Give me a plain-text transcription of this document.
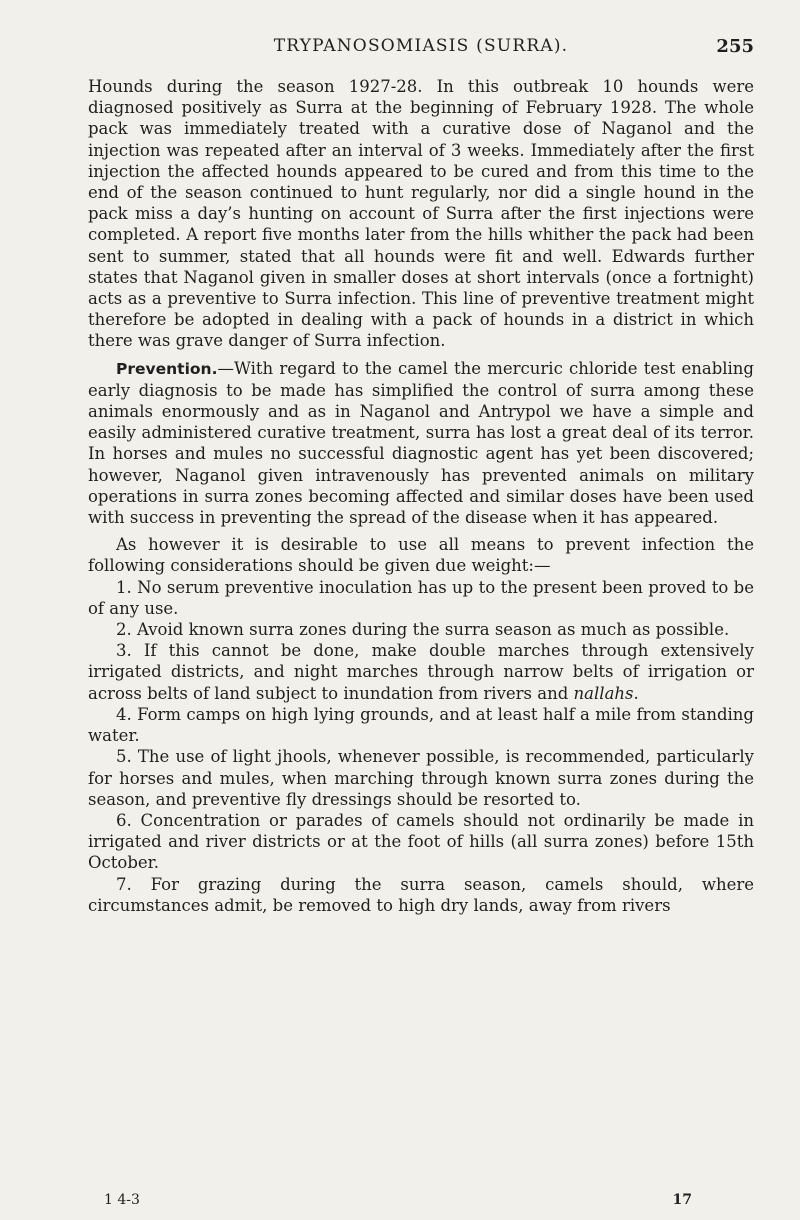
TRYPANOSOMIASIS (SURRA).	255

Hounds during the season 1927-28. In this outbreak 10 hounds were diagnosed positively as Surra at the beginning of February 1928. The whole pack was immediately treated with a curative dose of Naganol and the injection was repeated after an interval of 3 weeks. Immediately after the first injection the affected hounds appeared to be cured and from this time to the end of the season continued to hunt regularly, nor did a single hound in the pack miss a day’s hunting on account of Surra after the first injections were completed. A report five months later from the hills whither the pack had been sent to summer, stated that all hounds were fit and well. Edwards further states that Naganol given in smaller doses at short intervals (once a fortnight) acts as a preventive to Surra infection. This line of preventive treatment might therefore be adopted in dealing with a pack of hounds in a district in which there was grave danger of Surra infection.

Prevention.—With regard to the camel the mercuric chloride test enabling early diagnosis to be made has simplified the control of surra among these animals enormously and as in Naganol and Antrypol we have a simple and easily administered curative treatment, surra has lost a great deal of its terror. In horses and mules no successful diagnostic agent has yet been discovered; however, Naganol given intravenously has prevented animals on military operations in surra zones becoming affected and similar doses have been used with success in preventing the spread of the disease when it has appeared.

As however it is desirable to use all means to prevent infection the following considerations should be given due weight:—

1. No serum preventive inoculation has up to the present been proved to be of any use.

2. Avoid known surra zones during the surra season as much as possible.

3. If this cannot be done, make double marches through extensively irrigated districts, and night marches through narrow belts of irrigation or across belts of land subject to inundation from rivers and nallahs.

4. Form camps on high lying grounds, and at least half a mile from standing water.

5. The use of light jhools, whenever possible, is recommended, particularly for horses and mules, when marching through known surra zones during the season, and preventive fly dressings should be resorted to.

6. Concentration or parades of camels should not ordinarily be made in irrigated and river districts or at the foot of hills (all surra zones) before 15th October.

7. For grazing during the surra season, camels should, where circumstances admit, be removed to high dry lands, away from rivers

1 4-3	17
